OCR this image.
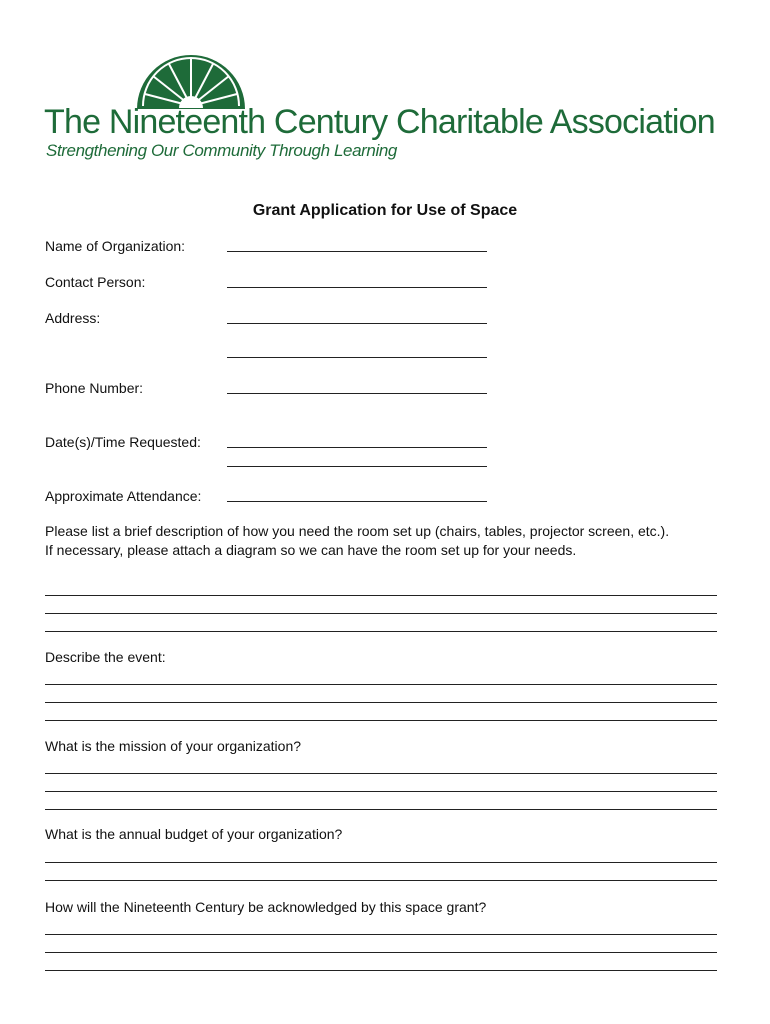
The Nineteenth Century Charitable Association
Strengthening Our Community Through Learning
Grant Application for Use of Space
Name of Organization:
Contact Person:
Address:
Phone Number:
Date(s)/Time Requested:
Approximate Attendance:
Please list a brief description of how you need the room set up (chairs, tables, projector screen, etc.).
If necessary, please attach a diagram so we can have the room set up for your needs.
Describe the event:
What is the mission of your organization?
What is the annual budget of your organization?
How will the Nineteenth Century be acknowledged by this space grant?
